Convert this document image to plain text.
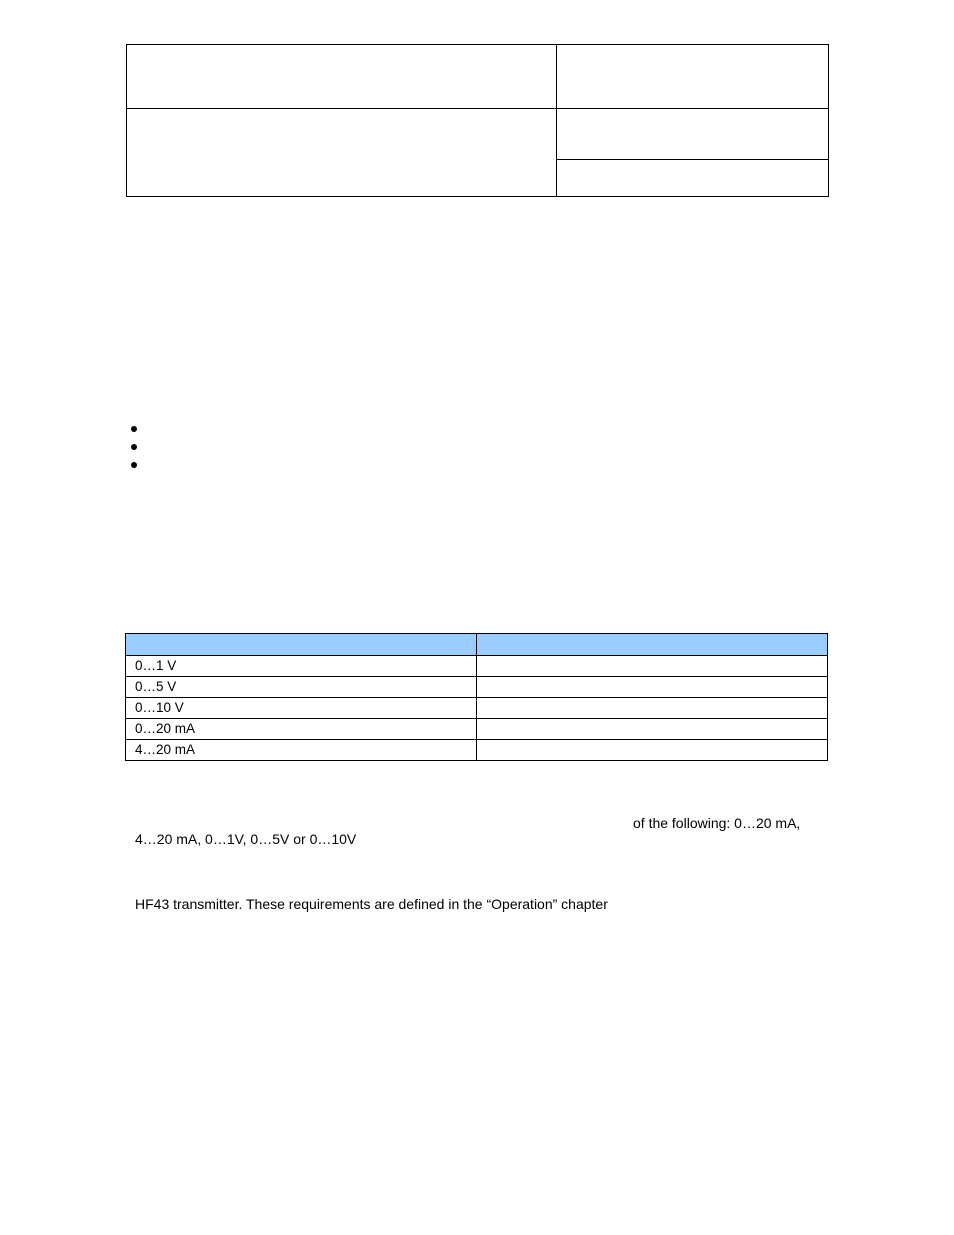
0…1 V	
0…5 V	
0…10 V	
0…20 mA	
4…20 mA	
of the following: 0…20 mA,
4…20 mA, 0…1V, 0…5V or 0…10V
HF43 transmitter. These requirements are defined in the “Operation” chapter
